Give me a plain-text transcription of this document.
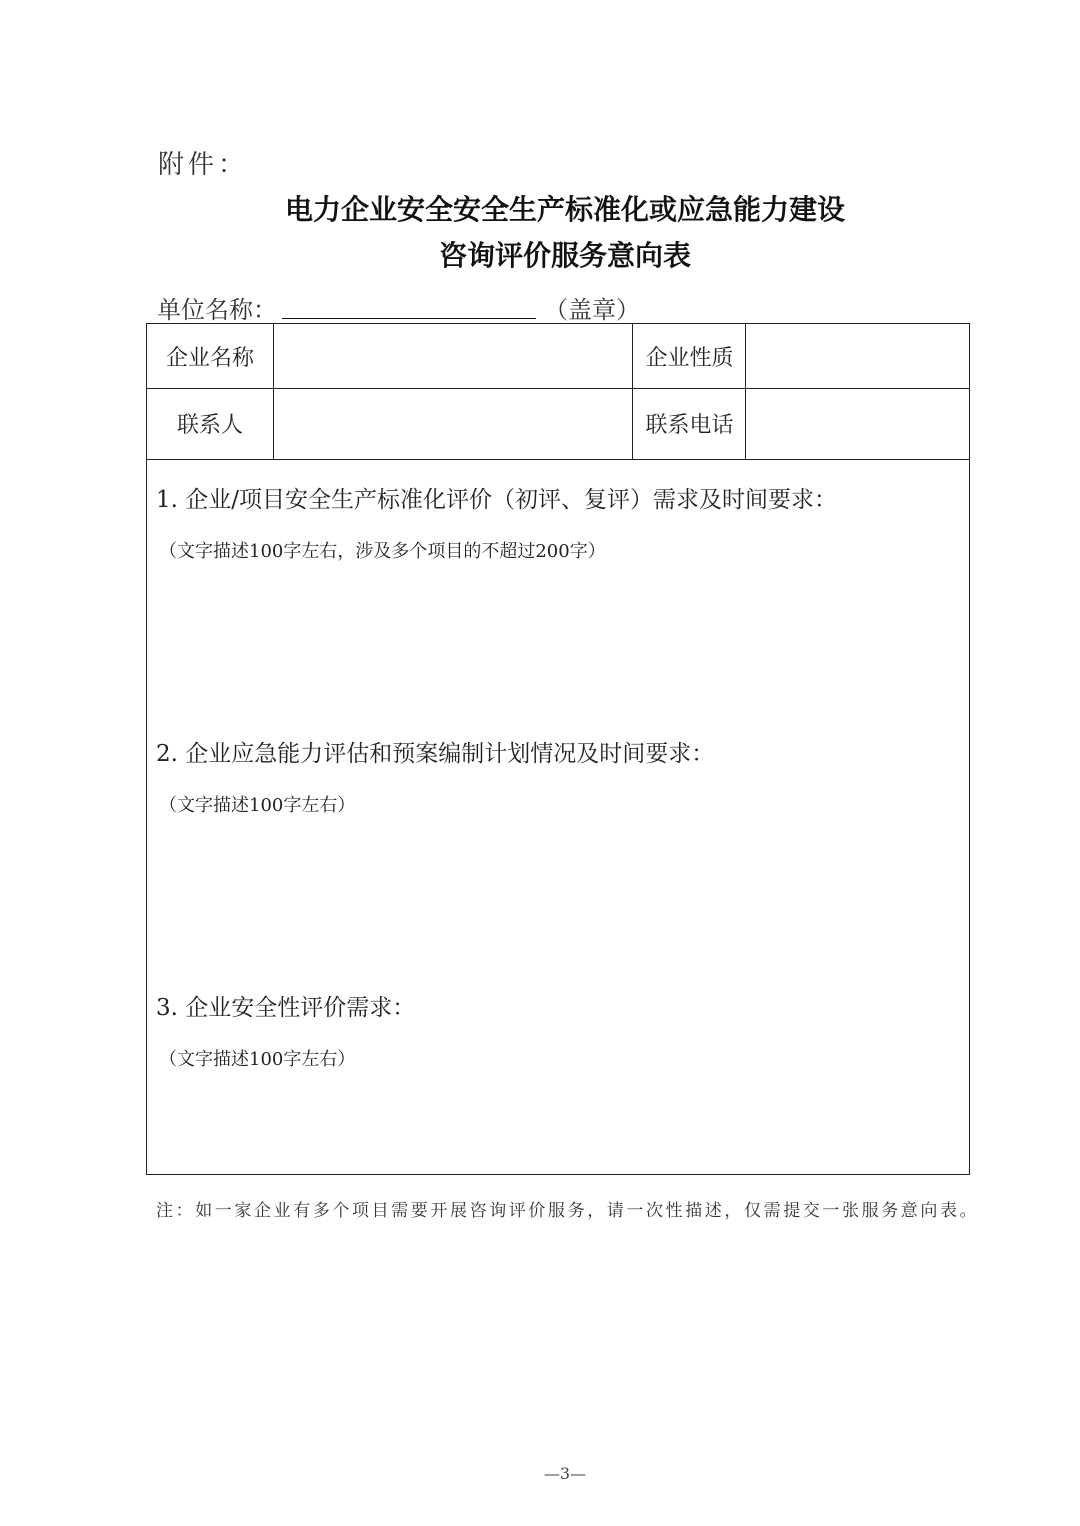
附件：
电力企业安全安全生产标准化或应急能力建设
咨询评价服务意向表
单位名称：	（盖章）
企业名称	企业性质
联系人	联系电话
1. 企业/项目安全生产标准化评价（初评、复评）需求及时间要求：
（文字描述100字左右，涉及多个项目的不超过200字）
2. 企业应急能力评估和预案编制计划情况及时间要求：
（文字描述100字左右）
3. 企业安全性评价需求：
（文字描述100字左右）
注：如一家企业有多个项目需要开展咨询评价服务，请一次性描述，仅需提交一张服务意向表。
—3—
